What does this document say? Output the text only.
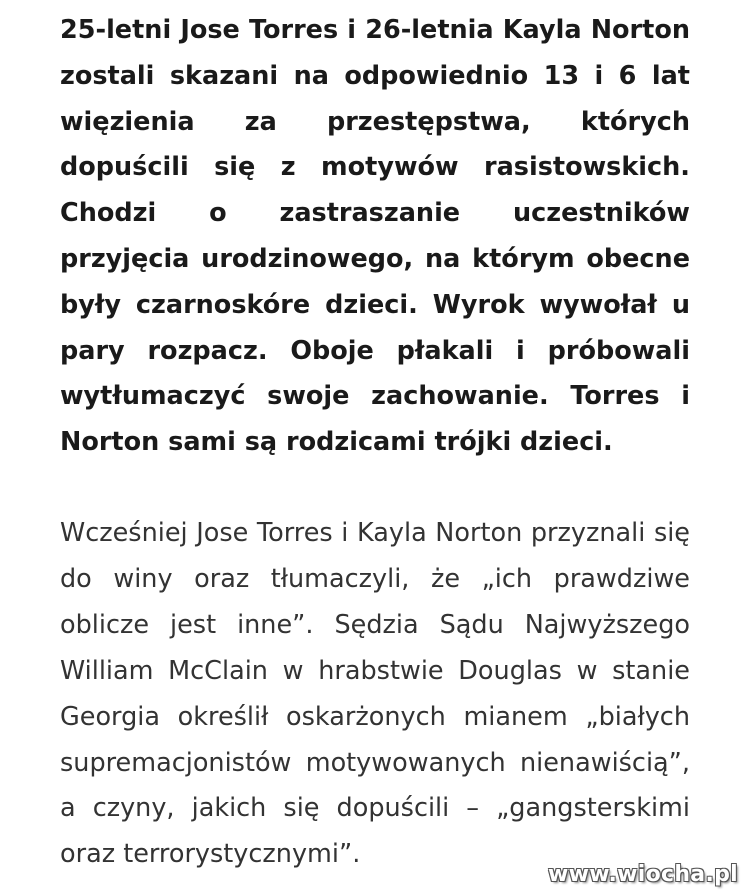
25-letni Jose Torres i 26-letnia Kayla Norton zostali skazani na odpowiednio 13 i 6 lat więzienia za przestępstwa, których dopuścili się z motywów rasistowskich. Chodzi o zastraszanie uczestników przyjęcia urodzinowego, na którym obecne były czarnoskóre dzieci. Wyrok wywołał u pary rozpacz. Oboje płakali i próbowali wytłumaczyć swoje zachowanie. Torres i Norton sami są rodzicami trójki dzieci.

Wcześniej Jose Torres i Kayla Norton przyznali się do winy oraz tłumaczyli, że „ich prawdziwe oblicze jest inne”. Sędzia Sądu Najwyższego William McClain w hrabstwie Douglas w stanie Georgia określił oskarżonych mianem „białych supremacjonistów motywowanych nienawiścią”, a czyny, jakich się dopuścili – „gangsterskimi oraz terrorystycznymi”.

www.wiocha.pl
